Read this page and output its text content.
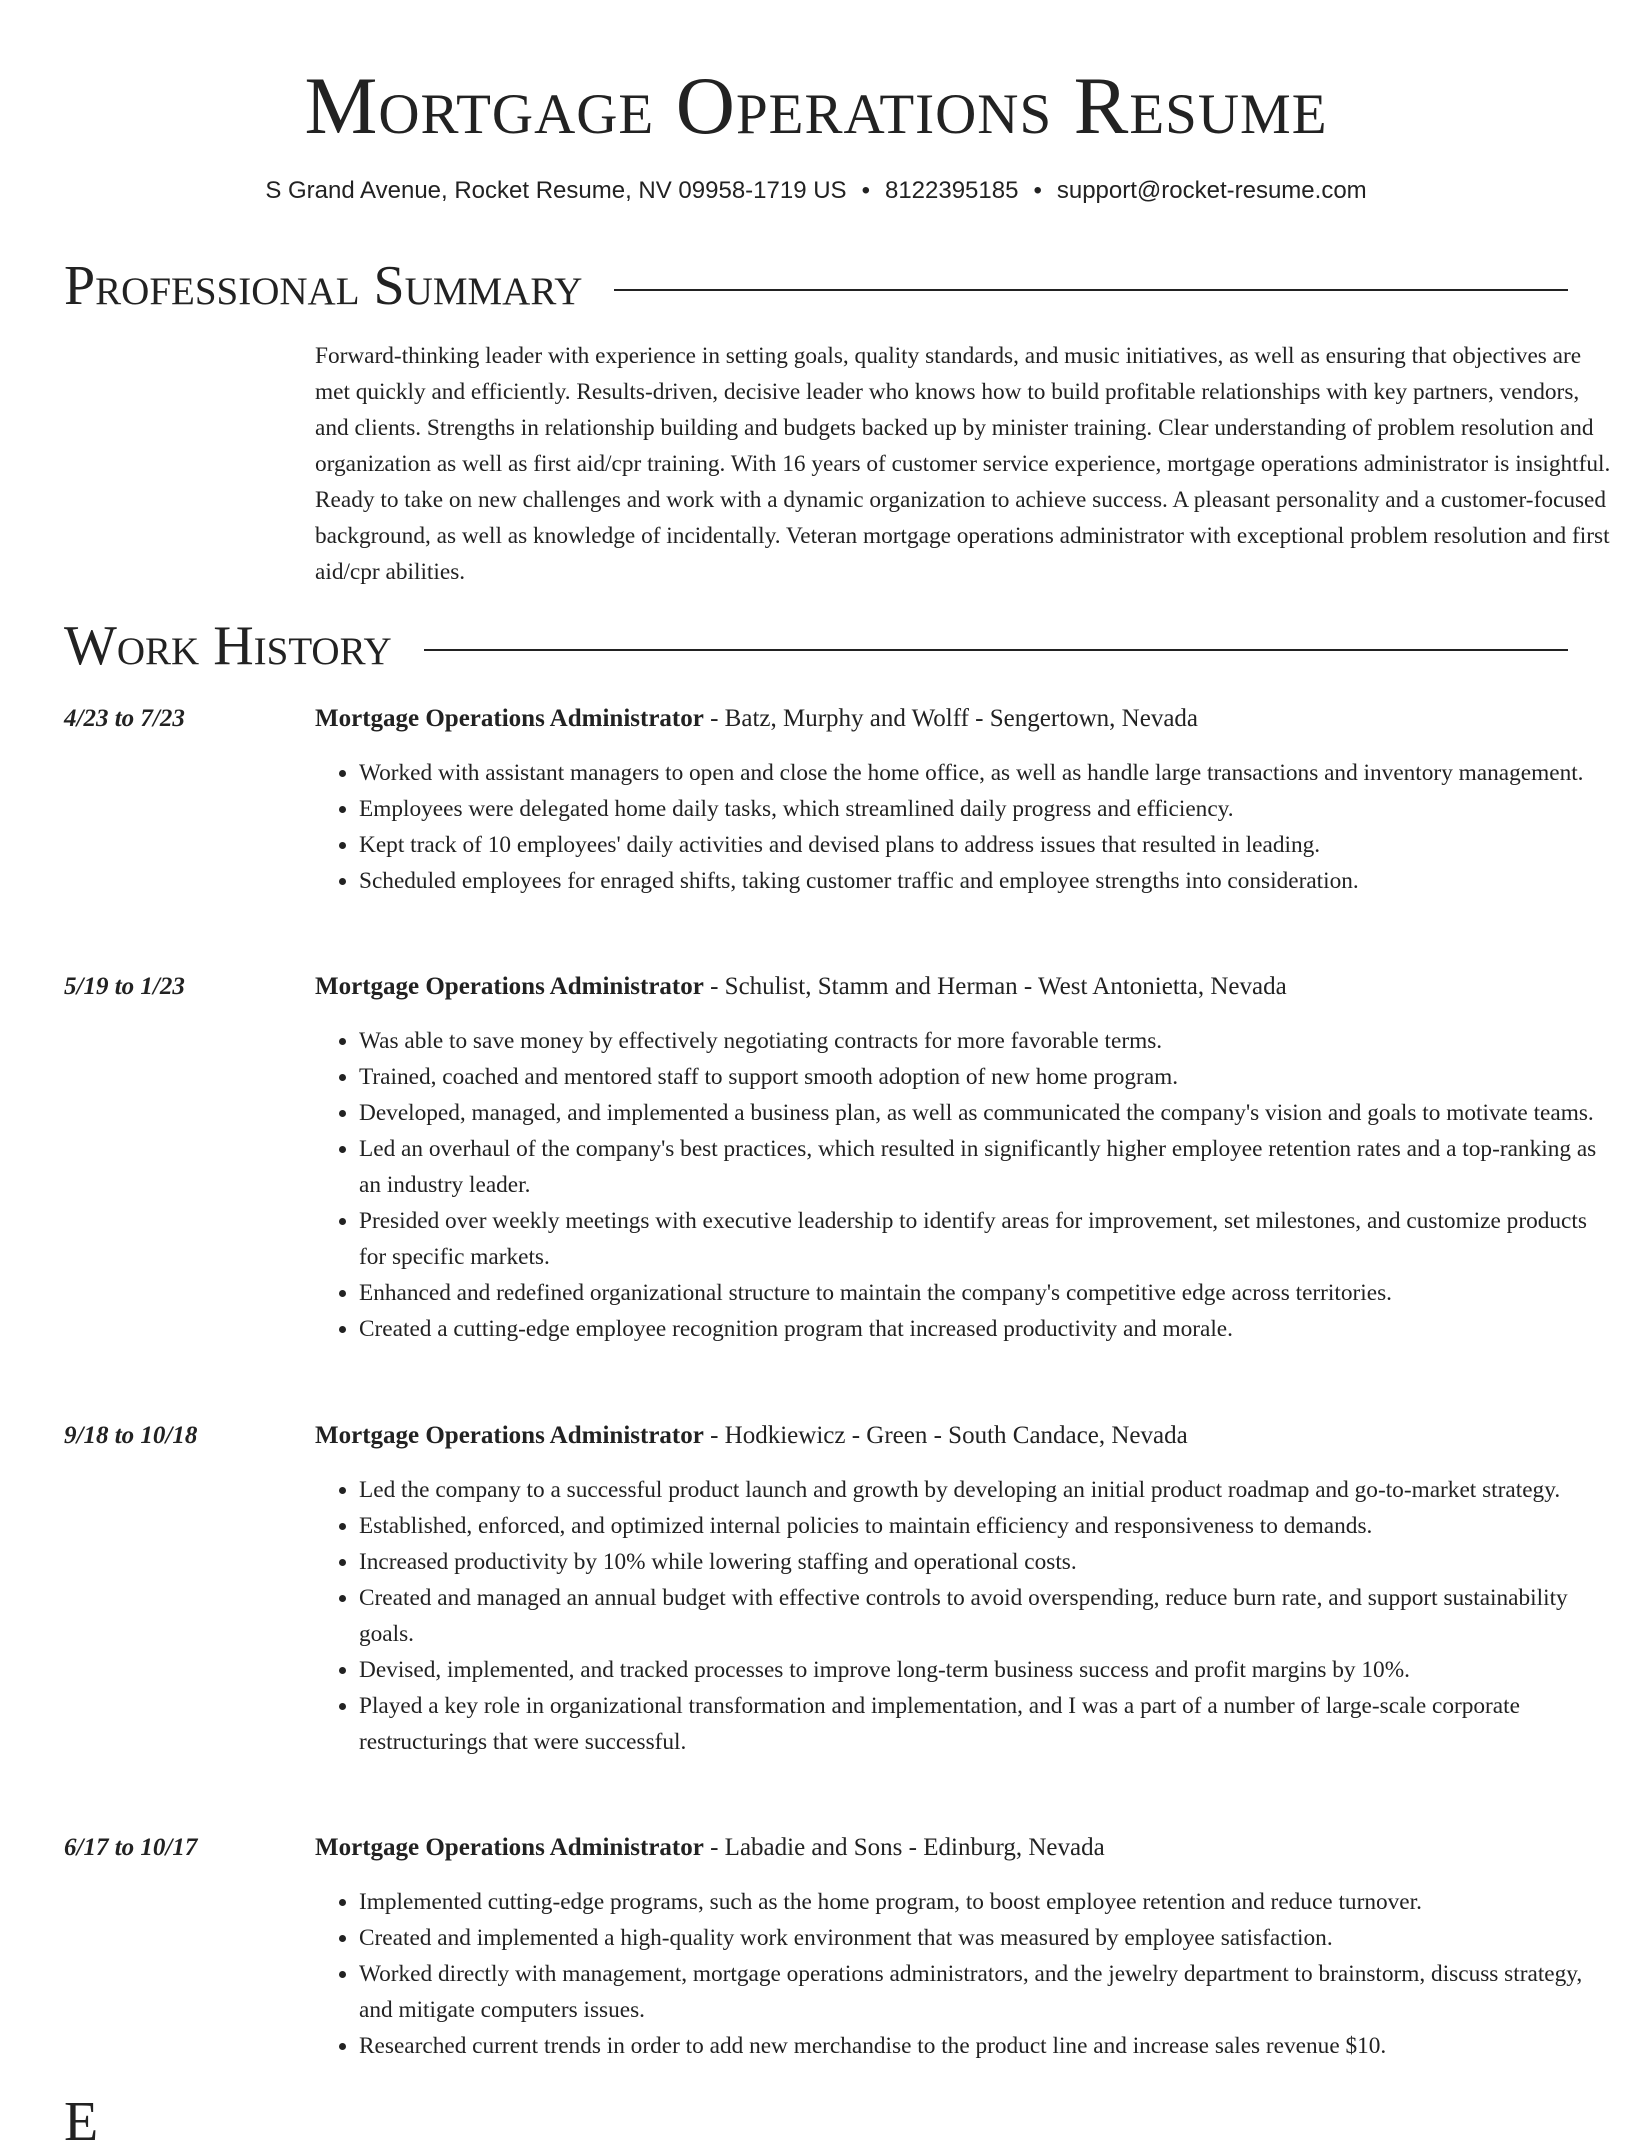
Mortgage Operations Resume
S Grand Avenue, Rocket Resume, NV 09958-1719 US • 8122395185 • support@rocket-resume.com
Professional Summary
Forward-thinking leader with experience in setting goals, quality standards, and music initiatives, as well as ensuring that objectives are met quickly and efficiently. Results-driven, decisive leader who knows how to build profitable relationships with key partners, vendors, and clients. Strengths in relationship building and budgets backed up by minister training. Clear understanding of problem resolution and organization as well as first aid/cpr training. With 16 years of customer service experience, mortgage operations administrator is insightful. Ready to take on new challenges and work with a dynamic organization to achieve success. A pleasant personality and a customer-focused background, as well as knowledge of incidentally. Veteran mortgage operations administrator with exceptional problem resolution and first aid/cpr abilities.
Work History
4/23 to 7/23	Mortgage Operations Administrator - Batz, Murphy and Wolff - Sengertown, Nevada
• Worked with assistant managers to open and close the home office, as well as handle large transactions and inventory management.
• Employees were delegated home daily tasks, which streamlined daily progress and efficiency.
• Kept track of 10 employees' daily activities and devised plans to address issues that resulted in leading.
• Scheduled employees for enraged shifts, taking customer traffic and employee strengths into consideration.
5/19 to 1/23	Mortgage Operations Administrator - Schulist, Stamm and Herman - West Antonietta, Nevada
• Was able to save money by effectively negotiating contracts for more favorable terms.
• Trained, coached and mentored staff to support smooth adoption of new home program.
• Developed, managed, and implemented a business plan, as well as communicated the company's vision and goals to motivate teams.
• Led an overhaul of the company's best practices, which resulted in significantly higher employee retention rates and a top-ranking as an industry leader.
• Presided over weekly meetings with executive leadership to identify areas for improvement, set milestones, and customize products for specific markets.
• Enhanced and redefined organizational structure to maintain the company's competitive edge across territories.
• Created a cutting-edge employee recognition program that increased productivity and morale.
9/18 to 10/18	Mortgage Operations Administrator - Hodkiewicz - Green - South Candace, Nevada
• Led the company to a successful product launch and growth by developing an initial product roadmap and go-to-market strategy.
• Established, enforced, and optimized internal policies to maintain efficiency and responsiveness to demands.
• Increased productivity by 10% while lowering staffing and operational costs.
• Created and managed an annual budget with effective controls to avoid overspending, reduce burn rate, and support sustainability goals.
• Devised, implemented, and tracked processes to improve long-term business success and profit margins by 10%.
• Played a key role in organizational transformation and implementation, and I was a part of a number of large-scale corporate restructurings that were successful.
6/17 to 10/17	Mortgage Operations Administrator - Labadie and Sons - Edinburg, Nevada
• Implemented cutting-edge programs, such as the home program, to boost employee retention and reduce turnover.
• Created and implemented a high-quality work environment that was measured by employee satisfaction.
• Worked directly with management, mortgage operations administrators, and the jewelry department to brainstorm, discuss strategy, and mitigate computers issues.
• Researched current trends in order to add new merchandise to the product line and increase sales revenue $10.
E
